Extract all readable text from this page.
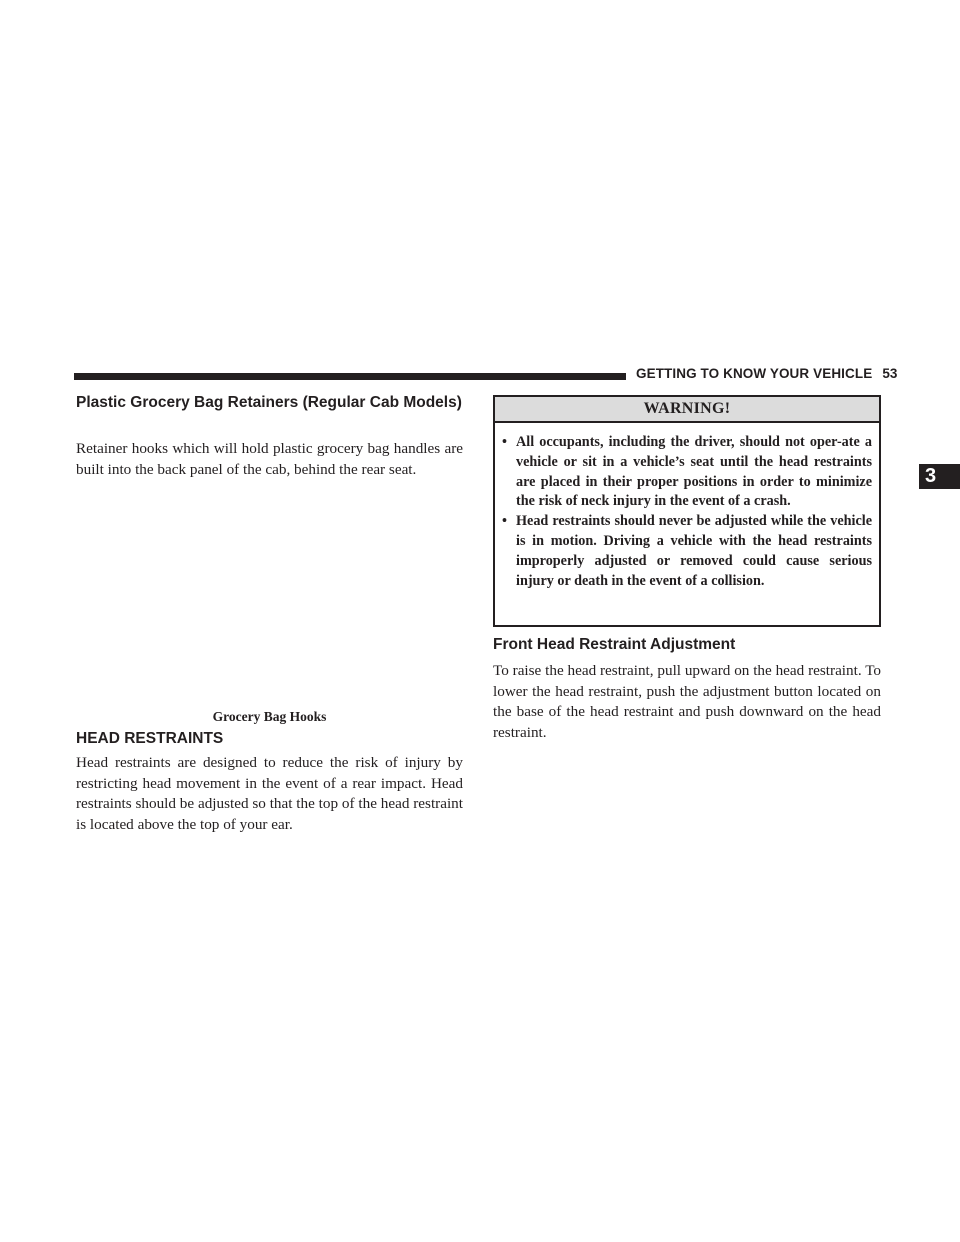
GETTING TO KNOW YOUR VEHICLE 53
3
Plastic Grocery Bag Retainers (Regular Cab Models)

Retainer hooks which will hold plastic grocery bag handles are built into the back panel of the cab, behind the rear seat.

Grocery Bag Hooks
HEAD RESTRAINTS

Head restraints are designed to reduce the risk of injury by restricting head movement in the event of a rear impact. Head restraints should be adjusted so that the top of the head restraint is located above the top of your ear.

WARNING!
• All occupants, including the driver, should not oper-ate a vehicle or sit in a vehicle’s seat until the head restraints are placed in their proper positions in order to minimize the risk of neck injury in the event of a crash.
• Head restraints should never be adjusted while the vehicle is in motion. Driving a vehicle with the head restraints improperly adjusted or removed could cause serious injury or death in the event of a collision.
Front Head Restraint Adjustment

To raise the head restraint, pull upward on the head restraint. To lower the head restraint, push the adjustment button located on the base of the head restraint and push downward on the head restraint.
